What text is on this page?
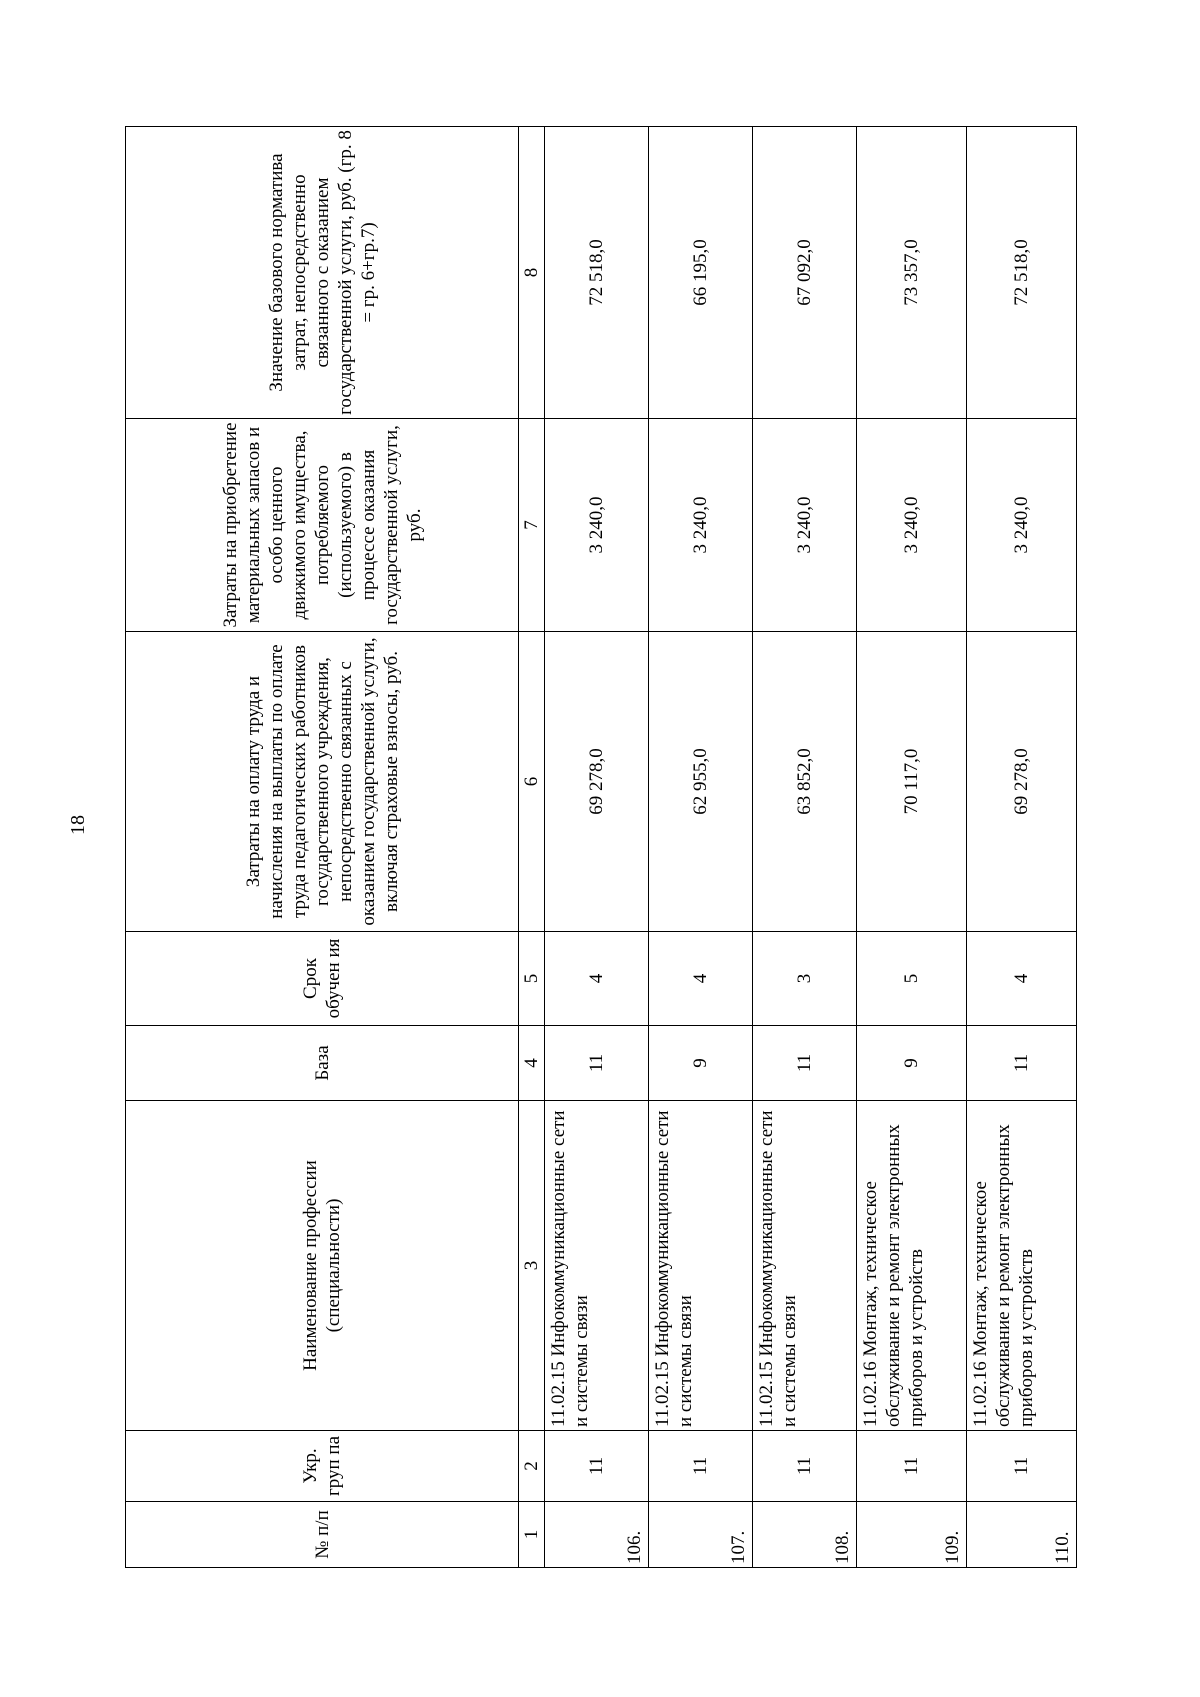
18
№ п/п	Укр. груп па	Наименование профессии (специальности)	База	Срок обучен ия	Затраты на оплату труда и начисления на выплаты по оплате труда педагогических работников государственного учреждения, непосредственно связанных с оказанием государственной услуги, включая страховые взносы, руб.	Затраты на приобретение материальных запасов и особо ценного движимого имущества, потребляемого (используемого) в процессе оказания государственной услуги, руб.	Значение базового норматива затрат, непосредственно связанного с оказанием государственной услуги, руб. (гр. 8 = гр. 6+гр.7)
1	2	3	4	5	6	7	8
106.	11	11.02.15 Инфокоммуникационные сети и системы связи	11	4	69 278,0	3 240,0	72 518,0
107.	11	11.02.15 Инфокоммуникационные сети и системы связи	9	4	62 955,0	3 240,0	66 195,0
108.	11	11.02.15 Инфокоммуникационные сети и системы связи	11	3	63 852,0	3 240,0	67 092,0
109.	11	11.02.16 Монтаж, техническое обслуживание и ремонт электронных приборов и устройств	9	5	70 117,0	3 240,0	73 357,0
110.	11	11.02.16 Монтаж, техническое обслуживание и ремонт электронных приборов и устройств	11	4	69 278,0	3 240,0	72 518,0
